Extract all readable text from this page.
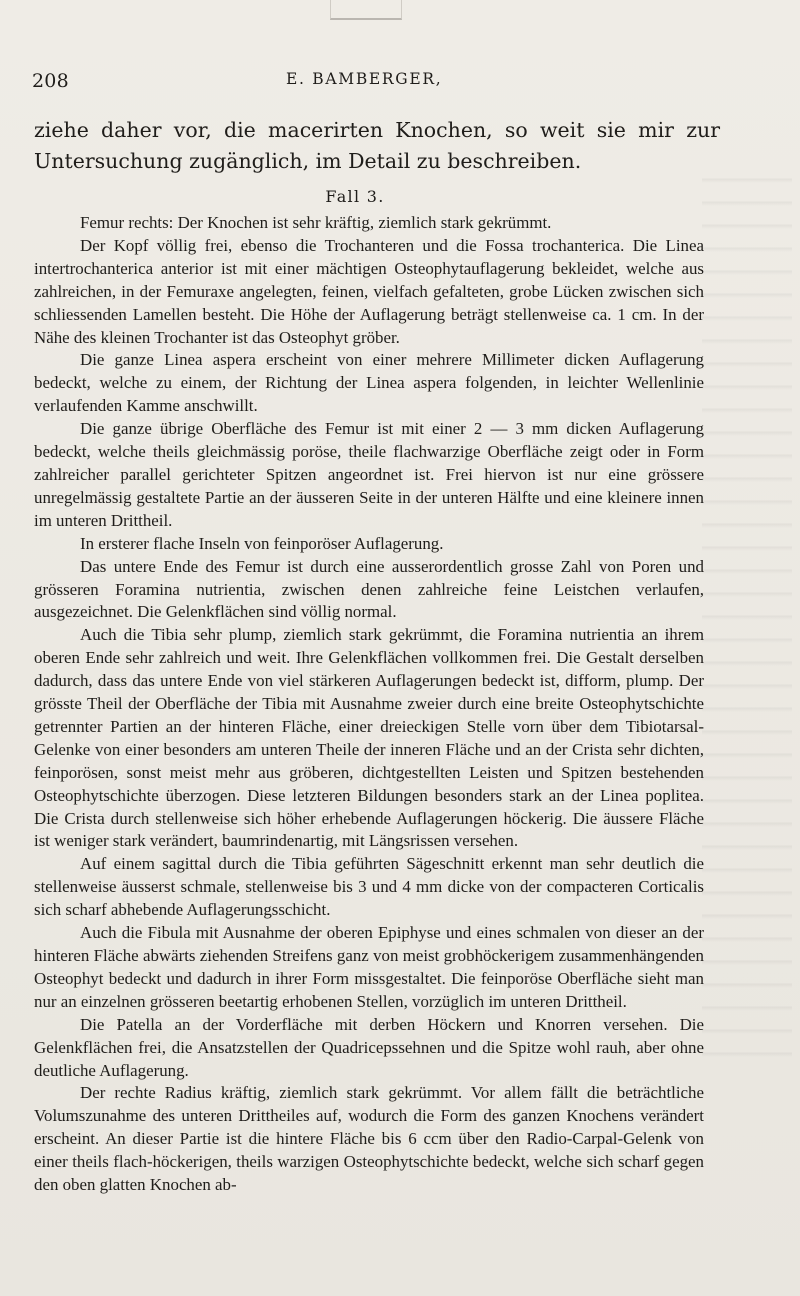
208	E. BAMBERGER,
ziehe daher vor, die macerirten Knochen, so weit sie mir zur Untersuchung zugänglich, im Detail zu beschreiben.
Fall 3.

Femur rechts: Der Knochen ist sehr kräftig, ziemlich stark gekrümmt.

Der Kopf völlig frei, ebenso die Trochanteren und die Fossa trochanterica. Die Linea intertrochanterica anterior ist mit einer mächtigen Osteophytauflagerung bekleidet, welche aus zahlreichen, in der Femuraxe angelegten, feinen, vielfach gefalteten, grobe Lücken zwischen sich schliessenden Lamellen besteht. Die Höhe der Auflagerung beträgt stellenweise ca. 1 cm. In der Nähe des kleinen Trochanter ist das Osteophyt gröber.

Die ganze Linea aspera erscheint von einer mehrere Millimeter dicken Auflagerung bedeckt, welche zu einem, der Richtung der Linea aspera folgenden, in leichter Wellenlinie verlaufenden Kamme anschwillt.

Die ganze übrige Oberfläche des Femur ist mit einer 2 — 3 mm dicken Auflagerung bedeckt, welche theils gleichmässig poröse, theile flachwarzige Oberfläche zeigt oder in Form zahlreicher parallel gerichteter Spitzen angeordnet ist. Frei hiervon ist nur eine grössere unregelmässig gestaltete Partie an der äusseren Seite in der unteren Hälfte und eine kleinere innen im unteren Drittheil.

In ersterer flache Inseln von feinporöser Auflagerung.

Das untere Ende des Femur ist durch eine ausserordentlich grosse Zahl von Poren und grösseren Foramina nutrientia, zwischen denen zahlreiche feine Leistchen verlaufen, ausgezeichnet. Die Gelenkflächen sind völlig normal.

Auch die Tibia sehr plump, ziemlich stark gekrümmt, die Foramina nutrientia an ihrem oberen Ende sehr zahlreich und weit. Ihre Gelenkflächen vollkommen frei. Die Gestalt derselben dadurch, dass das untere Ende von viel stärkeren Auflagerungen bedeckt ist, difform, plump. Der grösste Theil der Oberfläche der Tibia mit Ausnahme zweier durch eine breite Osteophytschichte getrennter Partien an der hinteren Fläche, einer dreieckigen Stelle vorn über dem Tibiotarsal-Gelenke von einer besonders am unteren Theile der inneren Fläche und an der Crista sehr dichten, feinporösen, sonst meist mehr aus gröberen, dichtgestellten Leisten und Spitzen bestehenden Osteophytschichte überzogen. Diese letzteren Bildungen besonders stark an der Linea poplitea. Die Crista durch stellenweise sich höher erhebende Auflagerungen höckerig. Die äussere Fläche ist weniger stark verändert, baumrindenartig, mit Längsrissen versehen.

Auf einem sagittal durch die Tibia geführten Sägeschnitt erkennt man sehr deutlich die stellenweise äusserst schmale, stellenweise bis 3 und 4 mm dicke von der compacteren Corticalis sich scharf abhebende Auflagerungsschicht.

Auch die Fibula mit Ausnahme der oberen Epiphyse und eines schmalen von dieser an der hinteren Fläche abwärts ziehenden Streifens ganz von meist grobhöckerigem zusammenhängenden Osteophyt bedeckt und dadurch in ihrer Form missgestaltet. Die feinporöse Oberfläche sieht man nur an einzelnen grösseren beetartig erhobenen Stellen, vorzüglich im unteren Drittheil.

Die Patella an der Vorderfläche mit derben Höckern und Knorren versehen. Die Gelenkflächen frei, die Ansatzstellen der Quadricepssehnen und die Spitze wohl rauh, aber ohne deutliche Auflagerung.

Der rechte Radius kräftig, ziemlich stark gekrümmt. Vor allem fällt die beträchtliche Volumszunahme des unteren Drittheiles auf, wodurch die Form des ganzen Knochens verändert erscheint. An dieser Partie ist die hintere Fläche bis 6 ccm über den Radio-Carpal-Gelenk von einer theils flach-höckerigen, theils warzigen Osteophytschichte bedeckt, welche sich scharf gegen den oben glatten Knochen ab-
